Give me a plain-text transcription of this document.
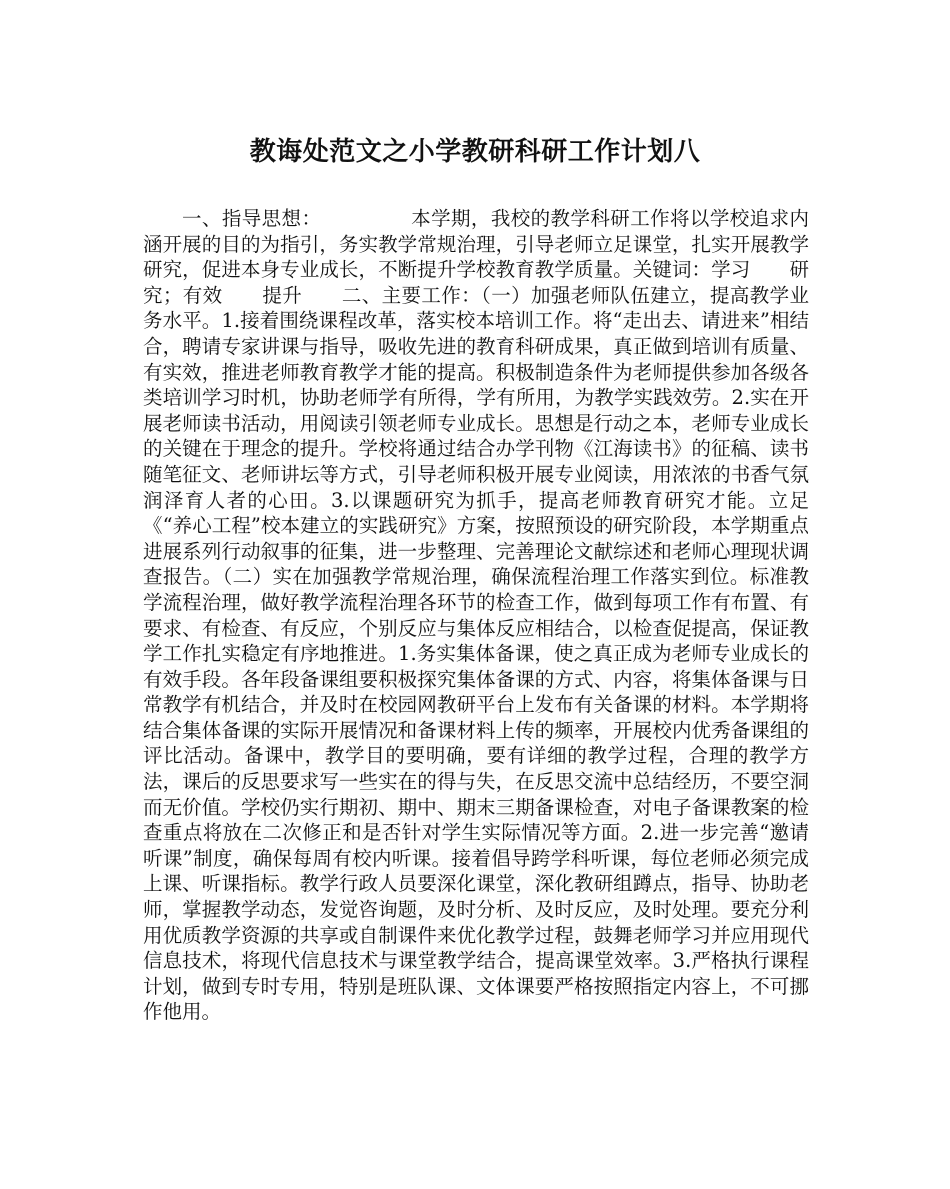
教诲处范文之小学教研科研工作计划八

一、指导思想：　　　　　本学期，我校的教学科研工作将以学校追求内涵开展的目的为指引，务实教学常规治理，引导老师立足课堂，扎实开展教学研究，促进本身专业成长，不断提升学校教育教学质量。关键词：学习　　研究；有效　　提升　　二、主要工作：（一）加强老师队伍建立，提高教学业务水平。1.接着围绕课程改革，落实校本培训工作。将“走出去、请进来”相结合，聘请专家讲课与指导，吸收先进的教育科研成果，真正做到培训有质量、有实效，推进老师教育教学才能的提高。积极制造条件为老师提供参加各级各类培训学习时机，协助老师学有所得，学有所用，为教学实践效劳。2.实在开展老师读书活动，用阅读引领老师专业成长。思想是行动之本，老师专业成长的关键在于理念的提升。学校将通过结合办学刊物《江海读书》的征稿、读书随笔征文、老师讲坛等方式，引导老师积极开展专业阅读，用浓浓的书香气氛润泽育人者的心田。3.以课题研究为抓手，提高老师教育研究才能。立足《“养心工程”校本建立的实践研究》方案，按照预设的研究阶段，本学期重点进展系列行动叙事的征集，进一步整理、完善理论文献综述和老师心理现状调查报告。（二）实在加强教学常规治理，确保流程治理工作落实到位。标准教学流程治理，做好教学流程治理各环节的检查工作，做到每项工作有布置、有要求、有检查、有反应，个别反应与集体反应相结合，以检查促提高，保证教学工作扎实稳定有序地推进。1.务实集体备课，使之真正成为老师专业成长的有效手段。各年段备课组要积极探究集体备课的方式、内容，将集体备课与日常教学有机结合，并及时在校园网教研平台上发布有关备课的材料。本学期将结合集体备课的实际开展情况和备课材料上传的频率，开展校内优秀备课组的评比活动。备课中，教学目的要明确，要有详细的教学过程，合理的教学方法，课后的反思要求写一些实在的得与失，在反思交流中总结经历，不要空洞而无价值。学校仍实行期初、期中、期末三期备课检查，对电子备课教案的检查重点将放在二次修正和是否针对学生实际情况等方面。2.进一步完善“邀请听课”制度，确保每周有校内听课。接着倡导跨学科听课，每位老师必须完成上课、听课指标。教学行政人员要深化课堂，深化教研组蹲点，指导、协助老师，掌握教学动态，发觉咨询题，及时分析、及时反应，及时处理。要充分利用优质教学资源的共享或自制课件来优化教学过程，鼓舞老师学习并应用现代信息技术，将现代信息技术与课堂教学结合，提高课堂效率。3.严格执行课程计划，做到专时专用，特别是班队课、文体课要严格按照指定内容上，不可挪作他用。
